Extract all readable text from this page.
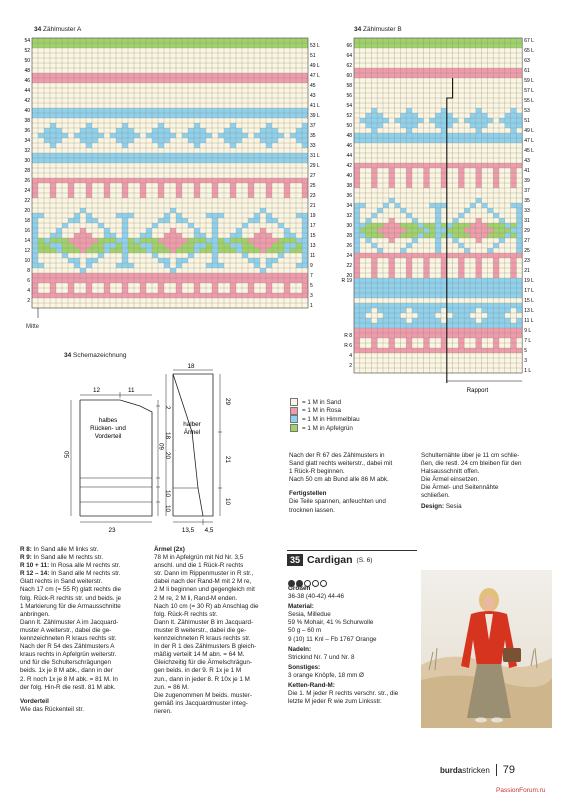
34 Zählmuster A
54
52
50
48
46
44
42
40
38
36
34
32
30
28
26
24
22
20
18
16
14
12
10
8
6
4
2
53 L
51
49 L
47 L
45
43
41 L
39 L
37
35
33
31 L
29 L
27
25
23
21
19
17
15
13
11
9
7
5
3
1
Mitte
34 Zählmuster B
Rapport
66
64
62
60
58
56
54
52
50
48
46
44
42
40
38
36
34
32
30
28
26
24
22
20
R 19
R 8
R 6
4
2
67 L
65 L
63
61
59 L
57 L
55 L
53
51
49 L
47 L
45 L
43
41
39
37
35
33
31
29
27
25
23
21
19 L
17 L
15 L
13 L
11 L
9 L
7 L
5
3
1 L
34 Schemazeichnung
halbes
Rücken- und
Vorderteil
12	11
50
2
18
20
10
10
23
halber
Ärmel
18
60
29
21
10
13,5 4,5
= 1 M in Sand
= 1 M in Rosa
= 1 M in Himmelblau
= 1 M in Apfelgrün

Nach der R 67 des Zählmusters in

Sand glatt rechts weiterstr., dabei mit

1 Rück-R beginnen.

Nach 50 cm ab Bund alle 86 M abk.

Fertigstellen

Die Teile spannen, anfeuchten und

trocknen lassen.

Schulternähte über je 11 cm schlie-

ßen, die restl. 24 cm bleiben für den

Halsausschnitt offen.

Die Ärmel einsetzen.

Die Ärmel- und Seitennähte

schließen.

Design: Sesia

R 8: In Sand alle M links str.

R 9: In Sand alle M rechts str.

R 10 + 11: In Rosa alle M rechts str.

R 12 – 14: In Sand alle M rechts str.

Glatt rechts in Sand weiterstr.

Nach 17 cm (= 55 R) glatt rechts die

folg. Rück-R rechts str. und beids. je

1 Markierung für die Armausschnitte

anbringen.

Dann lt. Zählmuster A im Jacquard-

muster A weiterstr., dabei die ge-

kennzeichneten R kraus rechts str.

Nach der R 54 des Zählmusters A

kraus rechts in Apfelgrün weiterstr.

und für die Schulterschrägungen

beids. 1x je 8 M abk., dann in der

2. R noch 1x je 8 M abk. = 81 M. In

der folg. Hin-R die restl. 81 M abk.

Vorderteil

Wie das Rückenteil str.

Ärmel (2x)

78 M in Apfelgrün mit Nd Nr. 3,5

anschl. und die 1 Rück-R rechts

str. Dann im Rippenmuster in R str.,

dabei nach der Rand-M mit 2 M re,

2 M li beginnen und gegengleich mit

2 M re, 2 M li, Rand-M enden.

Nach 10 cm (= 30 R) ab Anschlag die

folg. Rück-R rechts str.

Dann lt. Zählmuster B im Jacquard-

muster B weiterstr., dabei die ge-

kennzeichneten R kraus rechts str.

In der R 1 des Zählmusters B gleich-

mäßig verteilt 14 M abn. = 64 M.

Gleichzeitig für die Ärmelschrägun-

gen beids. in der 9. R 1x je 1 M

zun., dann in jeder 8. R 10x je 1 M

zun. = 86 M.

Die zugenommen M beids. muster-

gemäß ins Jacquardmuster integ-

rieren.

35 Cardigan (S. 6)

Größen

36-38 (40-42) 44-46

Material:

Sesia, Milledue

59 % Mohair, 41 % Schurwolle

50 g – 60 m

9 (10) 11 Knl – Fb 1767 Orange

Nadeln:

Strickind Nr. 7 und Nr. 8

Sonstiges:

3 orange Knöpfe, 18 mm Ø

Ketten-Rand-M:

Die 1. M jeder R rechts verschr. str., die

letzte M jeder R wie zum Linksstr.

burdastricken 79
PassionForum.ru
